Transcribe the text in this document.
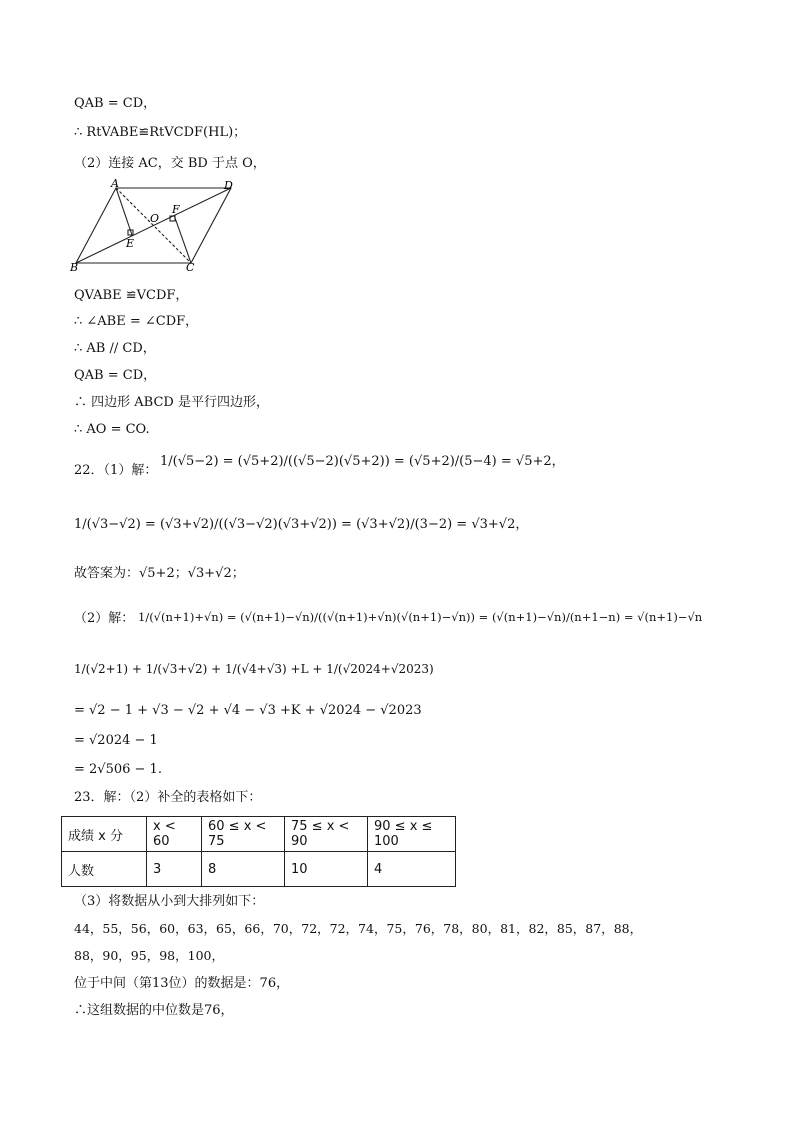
QAB = CD，
∴ RtVABE≌RtVCDF(HL)；
（2）连接 AC，交 BD 于点 O，
A	D
B	C
O
F
E
QVABE ≌VCDF，
∴ ∠ABE = ∠CDF，
∴ AB // CD，
QAB = CD，
∴ 四边形 ABCD 是平行四边形，
∴ AO = CO.
22．（1）解：
1/(√5−2) = (√5+2)/((√5−2)(√5+2)) = (√5+2)/(5−4) = √5+2，
1/(√3−√2) = (√3+√2)/((√3−√2)(√3+√2)) = (√3+√2)/(3−2) = √3+√2，
故答案为：√5+2；√3+√2；
（2）解： 1/(√(n+1)+√n) = (√(n+1)−√n)/((√(n+1)+√n)(√(n+1)−√n)) = (√(n+1)−√n)/(n+1−n) = √(n+1)−√n
1/(√2+1) + 1/(√3+√2) + 1/(√4+√3) +L + 1/(√2024+√2023)
= √2 − 1 + √3 − √2 + √4 − √3 +K + √2024 − √2023
= √2024 − 1
= 2√506 − 1.
23．解：（2）补全的表格如下：
成绩 x 分	x < 60	60 ≤ x < 75	75 ≤ x < 90	90 ≤ x ≤ 100
人数	3	8	10	4
（3）将数据从小到大排列如下：
44，55，56，60，63，65，66，70，72，72，74，75，76，78，80，81，82，85，87，88，
88，90，95，98，100，
位于中间（第13位）的数据是：76，
∴这组数据的中位数是76，
